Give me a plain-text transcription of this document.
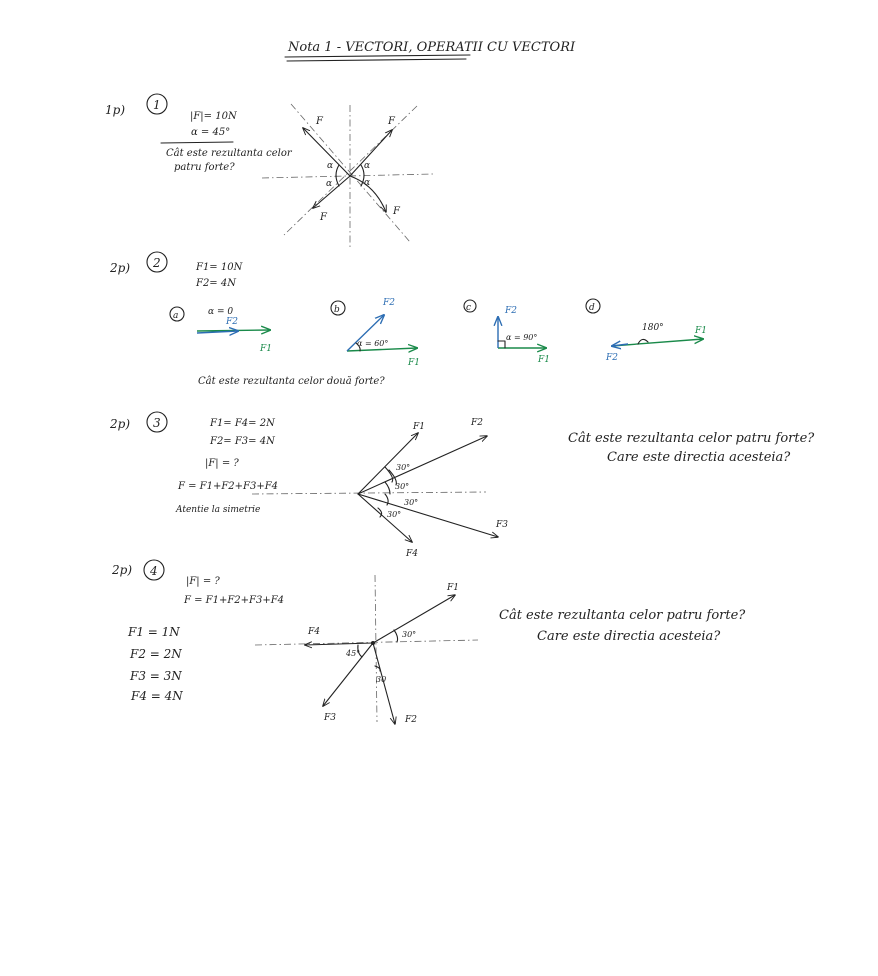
Nota 1 - VECTORI, OPERATII CU VECTORI
1p) 1
|F|= 10N
α = 45°
Cât este rezultanta celor
patru forte?
F	F
F
F
α	α
α	α
2p) 2	F1= 10N
F2= 4N
a	α = 0
F2
F1
b
F2
F1
α = 60°
c	F2
F1
α = 90°
d
180°	F1
F2
Cât este rezultanta celor două forte?
2p) 3	F1= F4= 2N
F2= F3= 4N
|F| = ?
F = F1+F2+F3+F4
Atentie la simetrie
30°
30°
30°
30°
F1	F2
F3
F4
Cât este rezultanta celor patru forte?
Care este directia acesteia?
2p) 4
|F| = ?
F = F1+F2+F3+F4
F1 = 1N
F2 = 2N
F3 = 3N
F4 = 4N
30°
45°
30
F1
F2
F3
F4
Cât este rezultanta celor patru forte?
Care este directia acesteia?
